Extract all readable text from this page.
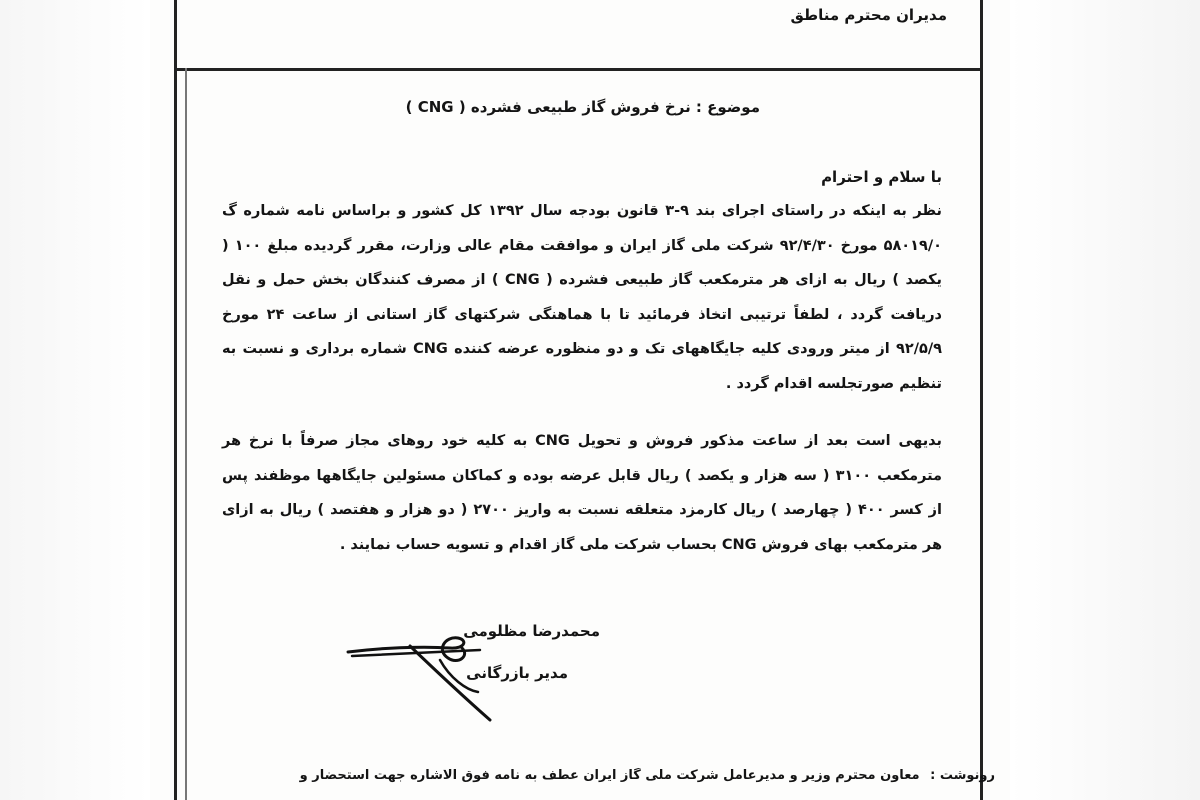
مدیران محترم مناطق
موضوع : نرخ فروش گاز طبیعی فشرده ( CNG )
با سلام و احترام
نظر به اینکه در راستای اجرای بند ۹-۳ قانون بودجه سال ۱۳۹۲ کل کشور و براساس نامه شماره گ ۵۸۰۱۹/۰ مورخ ۹۲/۴/۳۰ شرکت ملی گاز ایران و موافقت مقام عالی وزارت، مقرر گردیده مبلغ ۱۰۰ ( یکصد ) ریال به ازای هر مترمکعب گاز طبیعی فشرده ( CNG ) از مصرف کنندگان بخش حمل و نقل دریافت گردد ، لطفاً ترتیبی اتخاذ فرمائید تا با هماهنگی شرکتهای گاز استانی از ساعت ۲۴ مورخ ۹۲/۵/۹ از میتر ورودی کلیه جایگاههای تک و دو منظوره عرضه کننده CNG شماره برداری و نسبت به تنظیم صورتجلسه اقدام گردد .
بدیهی است بعد از ساعت مذکور فروش و تحویل CNG به کلیه خود روهای مجاز صرفاً با نرخ هر مترمکعب ۳۱۰۰ ( سه هزار و یکصد ) ریال قابل عرضه بوده و کماکان مسئولین جایگاهها موظفند پس از کسر ۴۰۰ ( چهارصد ) ریال کارمزد متعلقه نسبت به واریز ۲۷۰۰ ( دو هزار و هفتصد ) ریال به ازای هر مترمکعب بهای فروش CNG بحساب شرکت ملی گاز اقدام و تسویه حساب نمایند .
محمدرضا مظلومی
مدیر بازرگانی
رونوشت : معاون محترم وزیر و مدیرعامل شرکت ملی گاز ایران عطف به نامه فوق الاشاره جهت استحضار و
